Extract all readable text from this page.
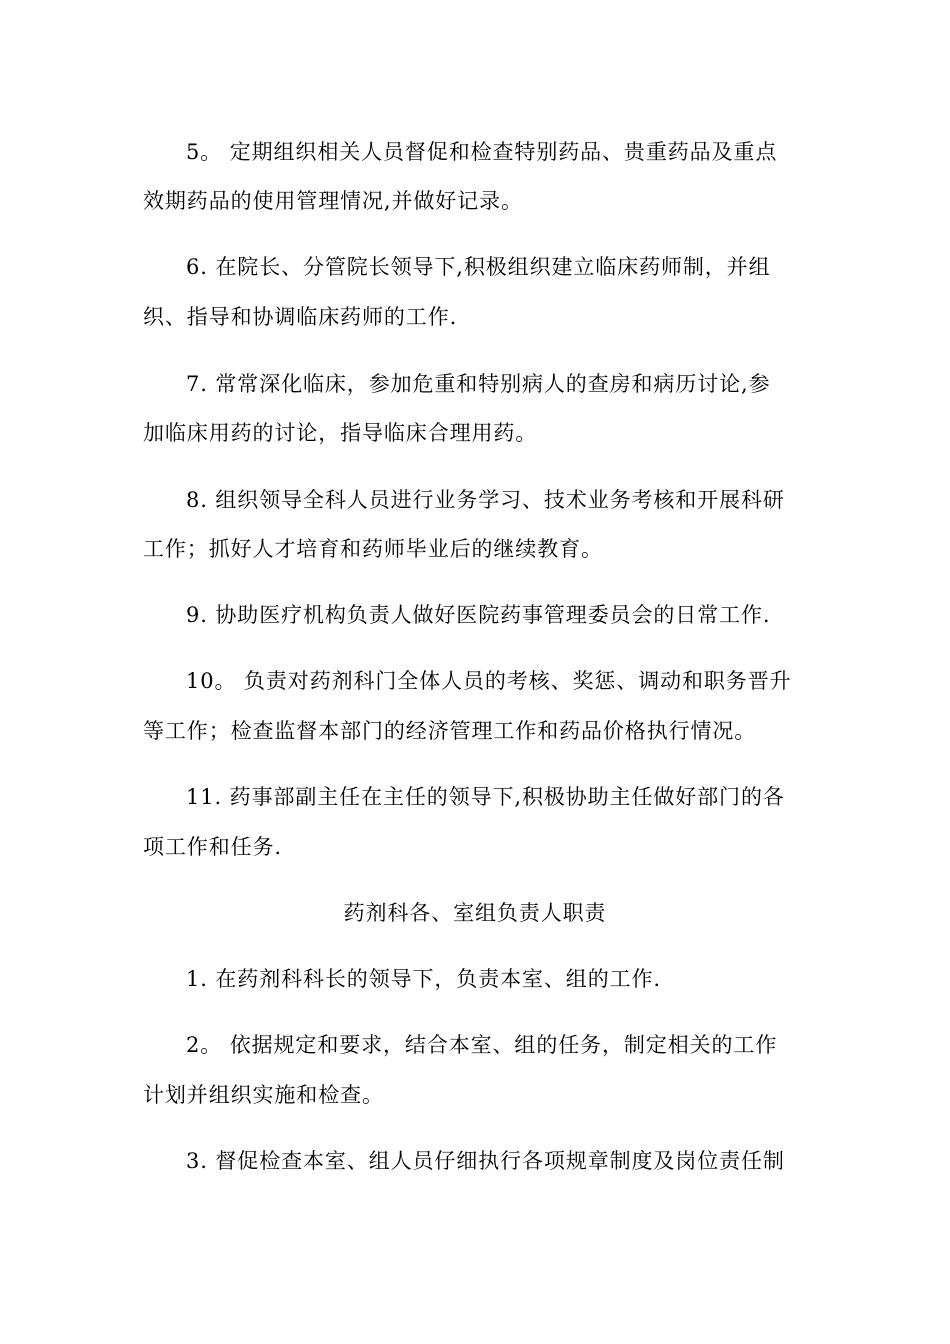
5。 定期组织相关人员督促和检查特别药品、贵重药品及重点
效期药品的使用管理情况,并做好记录。
6. 在院长、分管院长领导下,积极组织建立临床药师制，并组
织、指导和协调临床药师的工作.
7. 常常深化临床，参加危重和特别病人的查房和病历讨论,参
加临床用药的讨论，指导临床合理用药。
8. 组织领导全科人员进行业务学习、技术业务考核和开展科研
工作；抓好人才培育和药师毕业后的继续教育。
9. 协助医疗机构负责人做好医院药事管理委员会的日常工作.
10。 负责对药剂科门全体人员的考核、奖惩、调动和职务晋升
等工作；检查监督本部门的经济管理工作和药品价格执行情况。
11. 药事部副主任在主任的领导下,积极协助主任做好部门的各
项工作和任务.
药剂科各、室组负责人职责
1. 在药剂科科长的领导下，负责本室、组的工作.
2。 依据规定和要求，结合本室、组的任务，制定相关的工作
计划并组织实施和检查。
3. 督促检查本室、组人员仔细执行各项规章制度及岗位责任制
